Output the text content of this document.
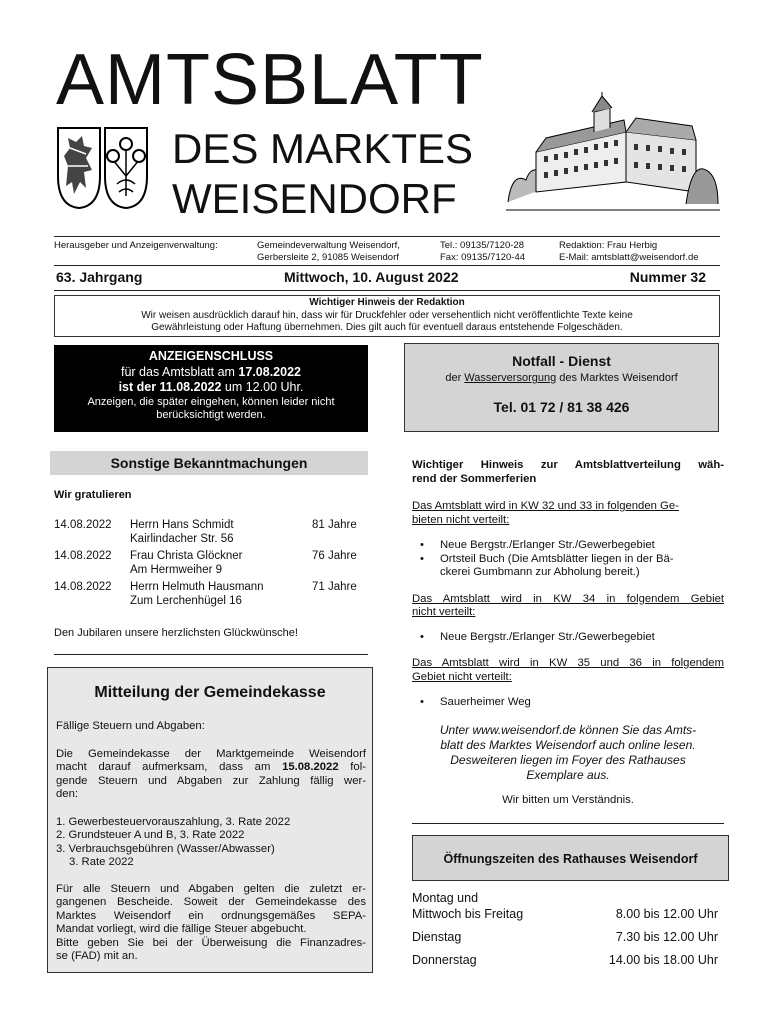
AMTSBLATT
DES MARKTES
WEISENDORF
Herausgeber und Anzeigenverwaltung:	Gemeindeverwaltung Weisendorf,
Gerbersleite 2, 91085 Weisendorf
Tel.: 09135/7120-28
Fax: 09135/7120-44
Redaktion: Frau Herbig
E-Mail: amtsblatt@weisendorf.de
63. Jahrgang	Mittwoch, 10. August 2022	Nummer 32
Wichtiger Hinweis der Redaktion
Wir weisen ausdrücklich darauf hin, dass wir für Druckfehler oder versehentlich nicht veröffentlichte Texte keine
Gewährleistung oder Haftung übernehmen. Dies gilt auch für eventuell daraus entstehende Folgeschäden.
ANZEIGENSCHLUSS
für das Amtsblatt am 17.08.2022
ist der 11.08.2022 um 12.00 Uhr.
Anzeigen, die später eingehen, können leider nicht
berücksichtigt werden.
Notfall - Dienst
der Wasserversorgung des Marktes Weisendorf
Tel. 01 72 / 81 38 426
Sonstige Bekanntmachungen
Wir gratulieren
14.08.2022 Herrn Hans Schmidt
Kairlindacher Str. 56
81 Jahre
14.08.2022 Frau Christa Glöckner
Am Hermweiher 9
76 Jahre
14.08.2022 Herrn Helmuth Hausmann
Zum Lerchenhügel 16
71 Jahre
Den Jubilaren unsere herzlichsten Glückwünsche!
Mitteilung der Gemeindekasse
Fällige Steuern und Abgaben:
Die Gemeindekasse der Marktgemeinde Weisendorf
macht darauf aufmerksam, dass am 15.08.2022 fol-
gende Steuern und Abgaben zur Zahlung fällig wer-
den:
1. Gewerbesteuervorauszahlung, 3. Rate 2022
2. Grundsteuer A und B, 3. Rate 2022
3. Verbrauchsgebühren (Wasser/Abwasser)
3. Rate 2022
Für alle Steuern und Abgaben gelten die zuletzt er-
gangenen Bescheide. Soweit der Gemeindekasse des
Marktes Weisendorf ein ordnungsgemäßes SEPA-
Mandat vorliegt, wird die fällige Steuer abgebucht.
Bitte geben Sie bei der Überweisung die Finanzadres-
se (FAD) mit an.
Wichtiger Hinweis zur Amtsblattverteilung wäh-
rend der Sommerferien
Das Amtsblatt wird in KW 32 und 33 in folgenden Ge-
bieten nicht verteilt:
• Neue Bergstr./Erlanger Str./Gewerbegebiet
• Ortsteil Buch (Die Amtsblätter liegen in der Bä-
ckerei Gumbmann zur Abholung bereit.)
Das Amtsblatt wird in KW 34 in folgendem Gebiet
nicht verteilt:
• Neue Bergstr./Erlanger Str./Gewerbegebiet
Das Amtsblatt wird in KW 35 und 36 in folgendem
Gebiet nicht verteilt:
• Sauerheimer Weg
Unter www.weisendorf.de können Sie das Amts-
blatt des Marktes Weisendorf auch online lesen.
Desweiteren liegen im Foyer des Rathauses
Exemplare aus.
Wir bitten um Verständnis.
Öffnungszeiten des Rathauses Weisendorf
Montag und
Mittwoch bis Freitag	8.00 bis 12.00 Uhr
Dienstag	7.30 bis 12.00 Uhr
Donnerstag	14.00 bis 18.00 Uhr
